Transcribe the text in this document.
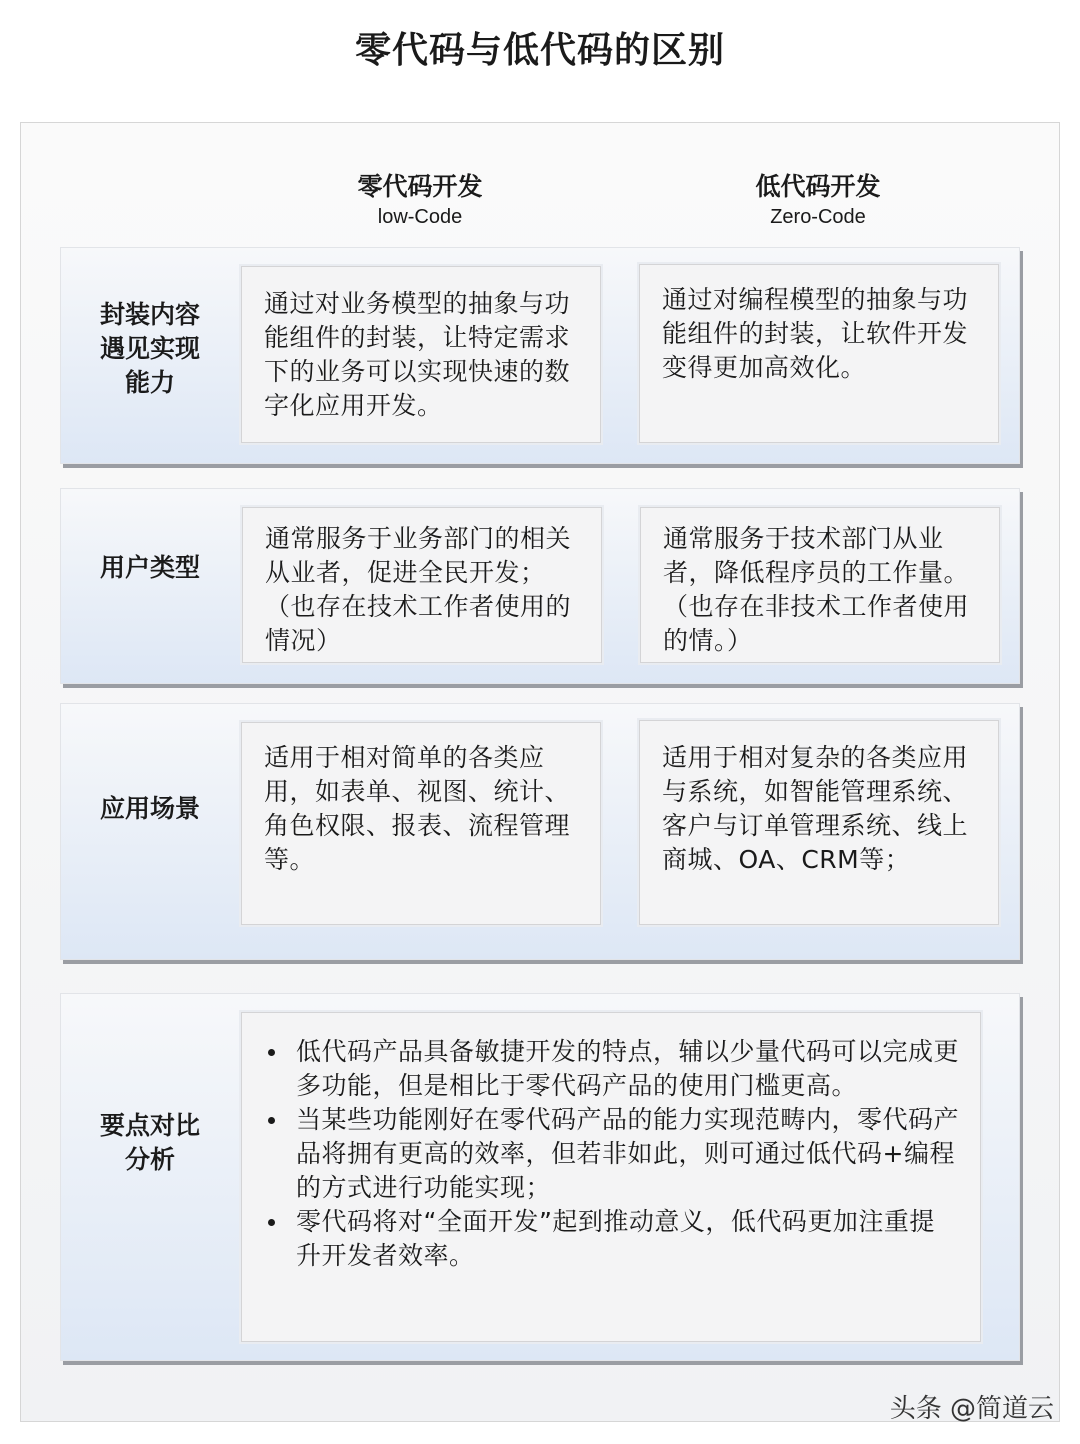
零代码与低代码的区别
零代码开发
low-Code
低代码开发
Zero-Code
封装内容遇见实现能力
通过对业务模型的抽象与功能组件的封装，让特定需求下的业务可以实现快速的数字化应用开发。
通过对编程模型的抽象与功能组件的封装，让软件开发变得更加高效化。
用户类型
通常服务于业务部门的相关从业者，促进全民开发；（也存在技术工作者使用的情况）
通常服务于技术部门从业者，降低程序员的工作量。（也存在非技术工作者使用的情。）
应用场景
适用于相对简单的各类应用，如表单、视图、统计、角色权限、报表、流程管理等。
适用于相对复杂的各类应用与系统，如智能管理系统、客户与订单管理系统、线上商城、OA、CRM等；
要点对比分析
低代码产品具备敏捷开发的特点，辅以少量代码可以完成更多功能，但是相比于零代码产品的使用门槛更高。
当某些功能刚好在零代码产品的能力实现范畴内，零代码产品将拥有更高的效率，但若非如此，则可通过低代码+编程的方式进行功能实现；
零代码将对“全面开发”起到推动意义，低代码更加注重提升开发者效率。
头条 @简道云
